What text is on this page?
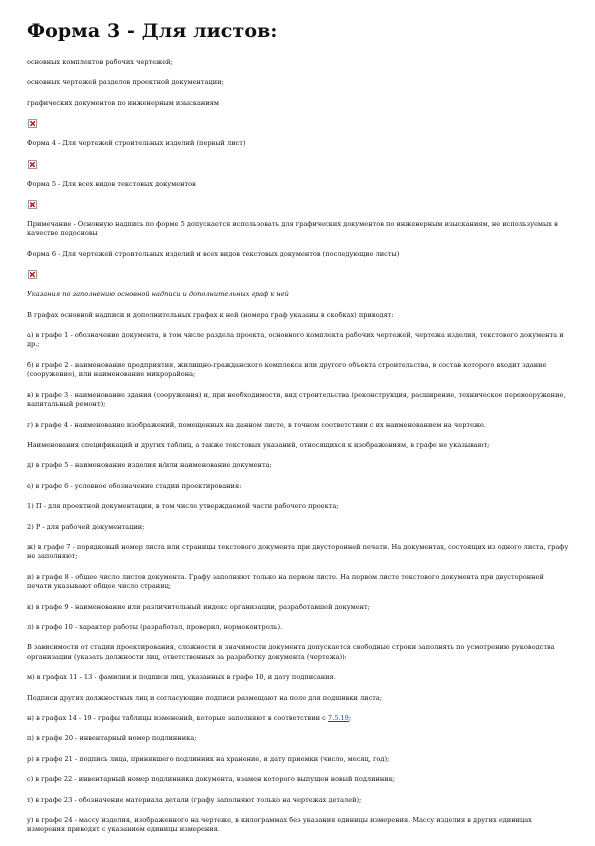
Форма 3 - Для листов:
основных комплектов рабочих чертежей;
основных чертежей разделов проектной документации;
графических документов по инженерным изысканиям
Форма 4 - Для чертежей строительных изделий (первый лист)
Форма 5 - Для всех видов текстовых документов
Примечание - Основную надпись по форме 5 допускается использовать для графических документов по инженерным изысканиям, не используемых в качестве подосновы
Форма 6 - Для чертежей строительных изделий и всех видов текстовых документов (последующие листы)
Указания по заполнению основной надписи и дополнительных граф к ней
В графах основной надписи и дополнительных графах к ней (номера граф указаны в скобках) приводят:
а) в графе 1 - обозначение документа, в том числе раздела проекта, основного комплекта рабочих чертежей, чертежа изделия, текстового документа и др.;
б) в графе 2 - наименование предприятия, жилищно-гражданского комплекса или другого объекта строительства, в состав которого входит здание (сооружение), или наименование микрорайона;
в) в графе 3 - наименование здания (сооружения) и, при необходимости, вид строительства (реконструкция, расширение, техническое перевооружение, капитальный ремонт);
г) в графе 4 - наименование изображений, помещенных на данном листе, в точном соответствии с их наименованием на чертеже.
Наименования спецификаций и других таблиц, а также текстовых указаний, относящихся к изображениям, в графе не указывают;
д) в графе 5 - наименование изделия и/или наименование документа;
е) в графе 6 - условное обозначение стадии проектирования:
1) П - для проектной документации, в том числе утверждаемой части рабочего проекта;
2) Р - для рабочей документации;
ж) в графе 7 - порядковый номер листа или страницы текстового документа при двусторонней печати. На документах, состоящих из одного листа, графу не заполняют;
и) в графе 8 - общее число листов документа. Графу заполняют только на первом листе. На первом листе текстового документа при двусторонней печати указывают общее число страниц;
к) в графе 9 - наименование или различительный индекс организации, разработавшей документ;
л) в графе 10 - характер работы (разработал, проверил, нормоконтроль).
В зависимости от стадии проектирования, сложности и значимости документа допускается свободные строки заполнять по усмотрению руководства организации (указать должности лиц, ответственных за разработку документа (чертежа)):
м) в графах 11 - 13 - фамилии и подписи лиц, указанных в графе 10, и дату подписания.
Подписи других должностных лиц и согласующие подписи размещают на поле для подшивки листа;
н) в графах 14 - 19 - графы таблицы изменений, которые заполняют в соответствии с 7.5.19;
п) в графе 20 - инвентарный номер подлинника;
р) в графе 21 - подпись лица, принявшего подлинник на хранение, и дату приемки (число, месяц, год);
с) в графе 22 - инвентарный номер подлинника документа, взамен которого выпущен новый подлинник;
т) в графе 23 - обозначение материала детали (графу заполняют только на чертежах деталей);
у) в графе 24 - массу изделия, изображенного на чертеже, в килограммах без указания единицы измерения. Массу изделия в других единицах измерения приводят с указанием единицы измерения.
